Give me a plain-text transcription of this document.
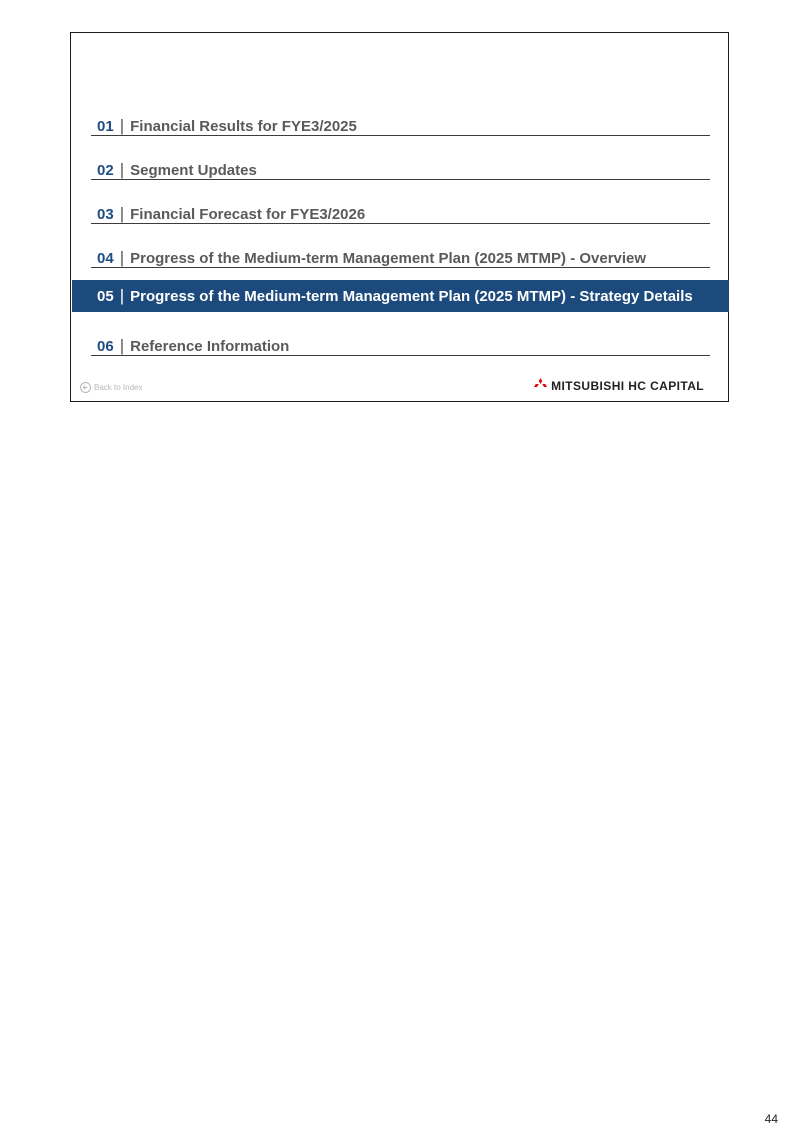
01 | Financial Results for FYE3/2025
02 | Segment Updates
03 | Financial Forecast for FYE3/2026
04 | Progress of the Medium-term Management Plan (2025 MTMP) - Overview
05 | Progress of the Medium-term Management Plan (2025 MTMP) - Strategy Details
06 | Reference Information
Back to Index	MITSUBISHI HC CAPITAL
44
